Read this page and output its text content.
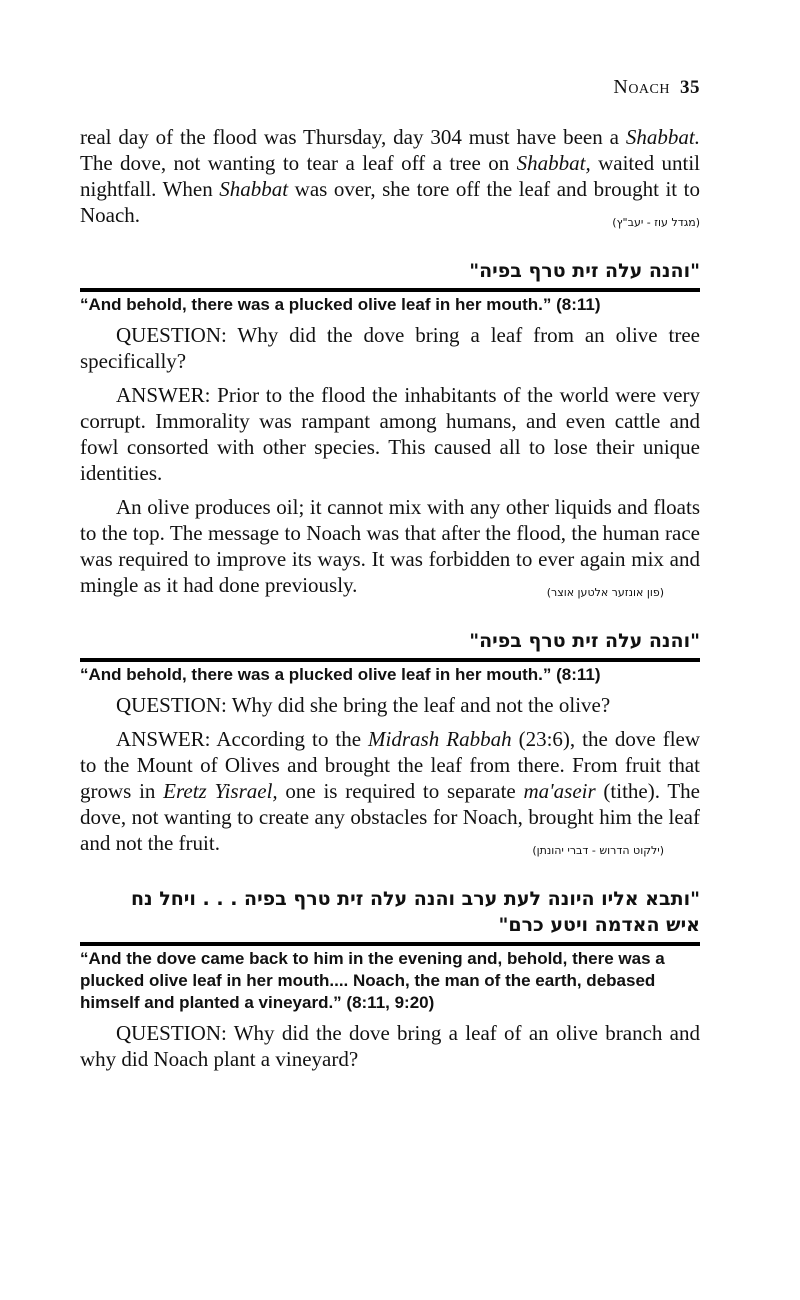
Noach 35

real day of the flood was Thursday, day 304 must have been a Shabbat. The dove, not wanting to tear a leaf off a tree on Shabbat, waited until nightfall. When Shabbat was over, she tore off the leaf and brought it to Noach.	(מגדל עוז - יעב"ץ)

"והנה עלה זית טרף בפיה"
“And behold, there was a plucked olive leaf in her mouth.” (8:11)

QUESTION: Why did the dove bring a leaf from an olive tree specifically?

ANSWER: Prior to the flood the inhabitants of the world were very corrupt. Immorality was rampant among humans, and even cattle and fowl consorted with other species. This caused all to lose their unique identities.

An olive produces oil; it cannot mix with any other liquids and floats to the top. The message to Noach was that after the flood, the human race was required to improve its ways. It was forbidden to ever again mix and mingle as it had done previously.	(פון אונזער אלטען אוצר)

"והנה עלה זית טרף בפיה"
“And behold, there was a plucked olive leaf in her mouth.” (8:11)

QUESTION: Why did she bring the leaf and not the olive?

ANSWER: According to the Midrash Rabbah (23:6), the dove flew to the Mount of Olives and brought the leaf from there. From fruit that grows in Eretz Yisrael, one is required to separate ma'aseir (tithe). The dove, not wanting to create any obstacles for Noach, brought him the leaf and not the fruit.	(ילקוט הדרוש - דברי יהונתן)

"ותבא אליו היונה לעת ערב והנה עלה זית טרף בפיה . . . ויחל נח איש האדמה ויטע כרם"
“And the dove came back to him in the evening and, behold, there was a plucked olive leaf in her mouth.... Noach, the man of the earth, debased himself and planted a vineyard.” (8:11, 9:20)

QUESTION: Why did the dove bring a leaf of an olive branch and why did Noach plant a vineyard?
